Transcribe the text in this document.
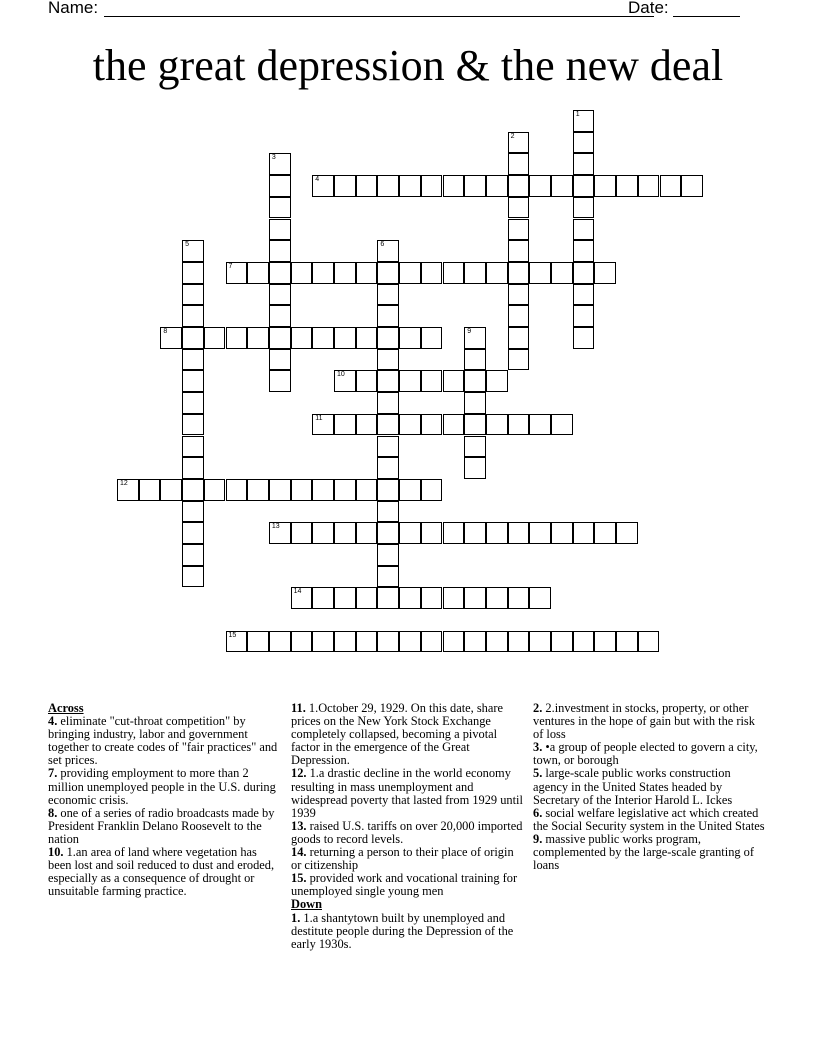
Name:	Date:
the great depression & the new deal
1
2
3
4
5	6
7
8	9
10
11
12
13
14
15

Across

4. eliminate "cut-throat competition" by bringing industry, labor and government together to create codes of "fair practices" and set prices.

7. providing employment to more than 2 million unemployed people in the U.S. during economic crisis.

8. one of a series of radio broadcasts made by President Franklin Delano Roosevelt to the nation

10. 1.an area of land where vegetation has been lost and soil reduced to dust and eroded, especially as a consequence of drought or unsuitable farming practice.

11. 1.October 29, 1929. On this date, share prices on the New York Stock Exchange completely collapsed, becoming a pivotal factor in the emergence of the Great Depression.

12. 1.a drastic decline in the world economy resulting in mass unemployment and widespread poverty that lasted from 1929 until 1939

13. raised U.S. tariffs on over 20,000 imported goods to record levels.

14. returning a person to their place of origin or citizenship

15. provided work and vocational training for unemployed single young men

Down

1. 1.a shantytown built by unemployed and destitute people during the Depression of the early 1930s.

2. 2.investment in stocks, property, or other ventures in the hope of gain but with the risk of loss

3. •a group of people elected to govern a city, town, or borough

5. large-scale public works construction agency in the United States headed by Secretary of the Interior Harold L. Ickes

6. social welfare legislative act which created the Social Security system in the United States

9. massive public works program, complemented by the large-scale granting of loans
